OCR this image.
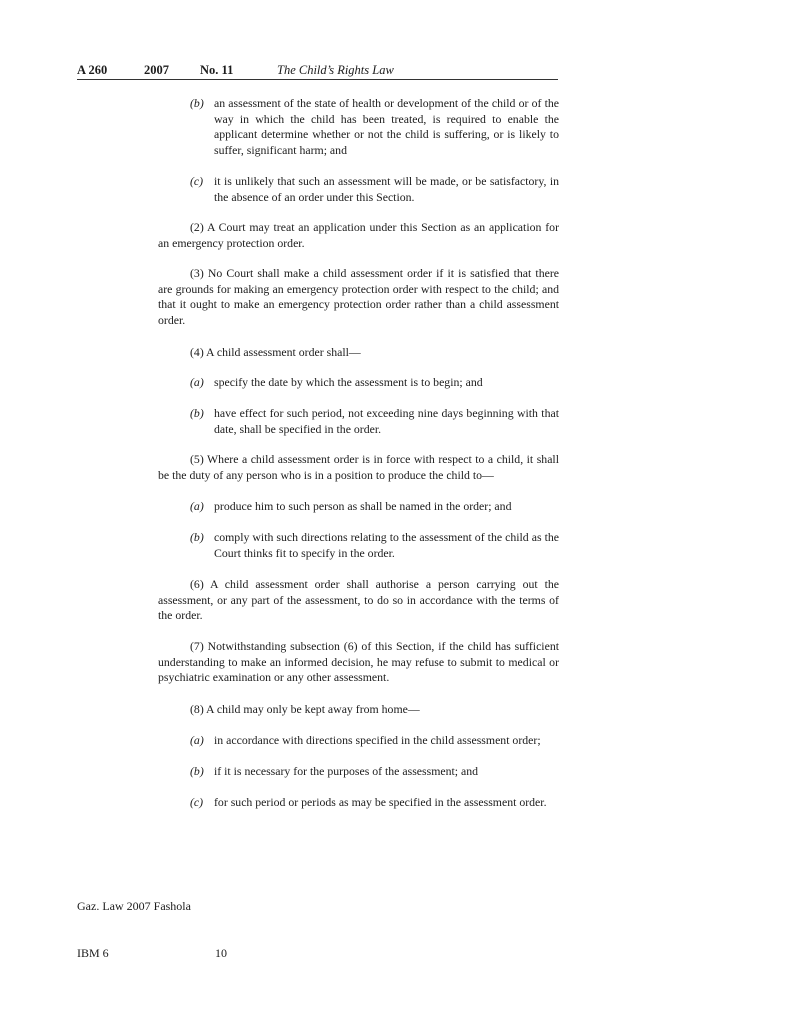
A 260	2007 No. 11	The Child’s Rights Law
(b) an assessment of the state of health or development of the child or of the way in which the child has been treated, is required to enable the applicant determine whether or not the child is suffering, or is likely to suffer, significant harm; and
(c) it is unlikely that such an assessment will be made, or be satisfactory, in the absence of an order under this Section.
(2) A Court may treat an application under this Section as an application for an emergency protection order.
(3) No Court shall make a child assessment order if it is satisfied that there are grounds for making an emergency protection order with respect to the child; and that it ought to make an emergency protection order rather than a child assessment order.
(4) A child assessment order shall—
(a) specify the date by which the assessment is to begin; and
(b) have effect for such period, not exceeding nine days beginning with that date, shall be specified in the order.
(5) Where a child assessment order is in force with respect to a child, it shall be the duty of any person who is in a position to produce the child to—
(a) produce him to such person as shall be named in the order; and
(b) comply with such directions relating to the assessment of the child as the Court thinks fit to specify in the order.
(6) A child assessment order shall authorise a person carrying out the assessment, or any part of the assessment, to do so in accordance with the terms of the order.
(7) Notwithstanding subsection (6) of this Section, if the child has sufficient understanding to make an informed decision, he may refuse to submit to medical or psychiatric examination or any other assessment.
(8) A child may only be kept away from home—
(a) in accordance with directions specified in the child assessment order;
(b) if it is necessary for the purposes of the assessment; and
(c) for such period or periods as may be specified in the assessment order.
Gaz. Law 2007 Fashola
IBM 6	10
